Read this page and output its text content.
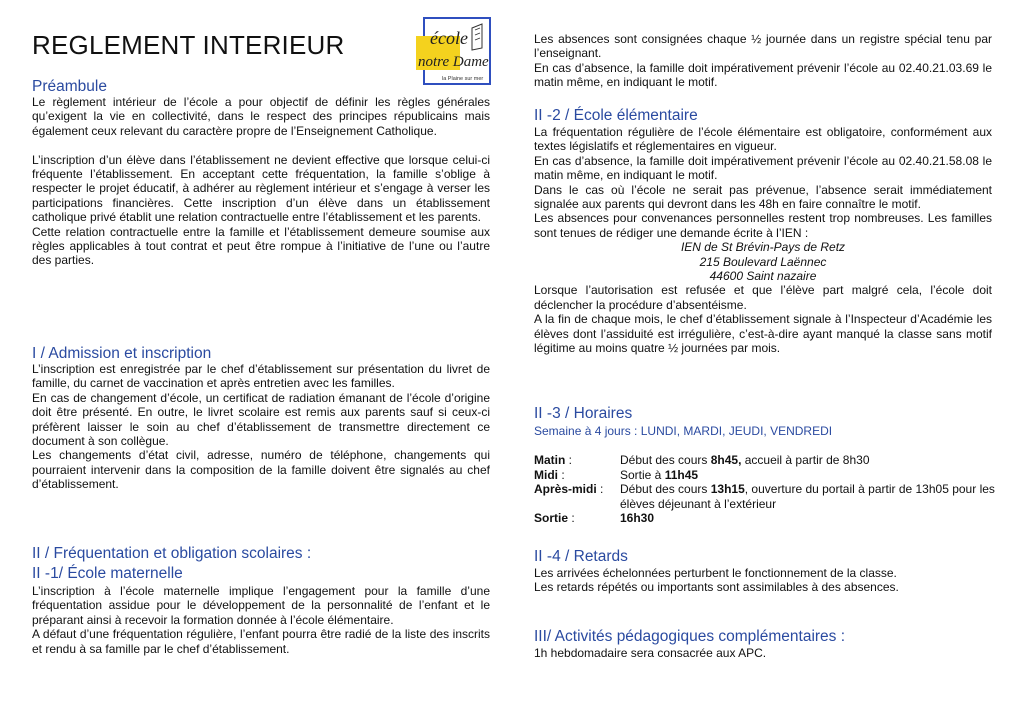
REGLEMENT INTERIEUR	école
notre Dame
la Plaine sur mer
Préambule

Le règlement intérieur de l’école a pour objectif de définir les règles générales qu’exigent la vie en collectivité, dans le respect des principes républicains mais également ceux relevant du caractère propre de l’Enseignement Catholique.

L’inscription d’un élève dans l’établissement ne devient effective que lorsque celui-ci fréquente l’établissement. En acceptant cette fréquentation, la famille s’oblige à respecter le projet éducatif, à adhérer au règlement intérieur et s’engage à verser les participations financières. Cette inscription d’un élève dans un établissement catholique privé établit une relation contractuelle entre l’établissement et les parents.

Cette relation contractuelle entre la famille et l’établissement demeure soumise aux règles applicables à tout contrat et peut être rompue à l’initiative de l’une ou l’autre des parties.

I / Admission et inscription

L’inscription est enregistrée par le chef d’établissement sur présentation du livret de famille, du carnet de vaccination et après entretien avec les familles.

En cas de changement d’école, un certificat de radiation émanant de l’école d’origine doit être présenté. En outre, le livret scolaire est remis aux parents sauf si ceux-ci préfèrent laisser le soin au chef d’établissement de transmettre directement ce document à son collègue.

Les changements d’état civil, adresse, numéro de téléphone, changements qui pourraient intervenir dans la composition de la famille doivent être signalés au chef d’établissement.

II / Fréquentation et obligation scolaires :
II -1/ École maternelle

L’inscription à l’école maternelle implique l’engagement pour la famille d’une fréquentation assidue pour le développement de la personnalité de l’enfant et le préparant ainsi à recevoir la formation donnée à l’école élémentaire.

A défaut d’une fréquentation régulière, l’enfant pourra être radié de la liste des inscrits et rendu à sa famille par le chef d’établissement.

Les absences sont consignées chaque ½ journée dans un registre spécial tenu par l’enseignant.

En cas d’absence, la famille doit impérativement prévenir l’école au 02.40.21.03.69 le matin même, en indiquant le motif.

II -2 / École élémentaire

La fréquentation régulière de l’école élémentaire est obligatoire, conformément aux textes législatifs et réglementaires en vigueur.

En cas d’absence, la famille doit impérativement prévenir l’école au 02.40.21.58.08 le matin même, en indiquant le motif.

Dans le cas où l’école ne serait pas prévenue, l’absence serait immédiatement signalée aux parents qui devront dans les 48h en faire connaître le motif.

Les absences pour convenances personnelles restent trop nombreuses. Les familles sont tenues de rédiger une demande écrite à l’IEN :

IEN de St Brévin-Pays de Retz
215 Boulevard Laënnec
44600 Saint nazaire

Lorsque l’autorisation est refusée et que l’élève part malgré cela, l’école doit déclencher la procédure d’absentéisme.

A la fin de chaque mois, le chef d’établissement signale à l’Inspecteur d’Académie les élèves dont l’assiduité est irrégulière, c’est-à-dire ayant manqué la classe sans motif légitime au moins quatre ½ journées par mois.

II -3 / Horaires
Semaine à 4 jours : LUNDI, MARDI, JEUDI, VENDREDI
Matin :	Début des cours 8h45, accueil à partir de 8h30
Midi :	Sortie à 11h45
Après-midi :	Début des cours 13h15, ouverture du portail à partir de 13h05 pour les élèves déjeunant à l’extérieur
Sortie :	16h30
II -4 / Retards

Les arrivées échelonnées perturbent le fonctionnement de la classe.

Les retards répétés ou importants sont assimilables à des absences.

III/ Activités pédagogiques complémentaires :

1h hebdomadaire sera consacrée aux APC.
